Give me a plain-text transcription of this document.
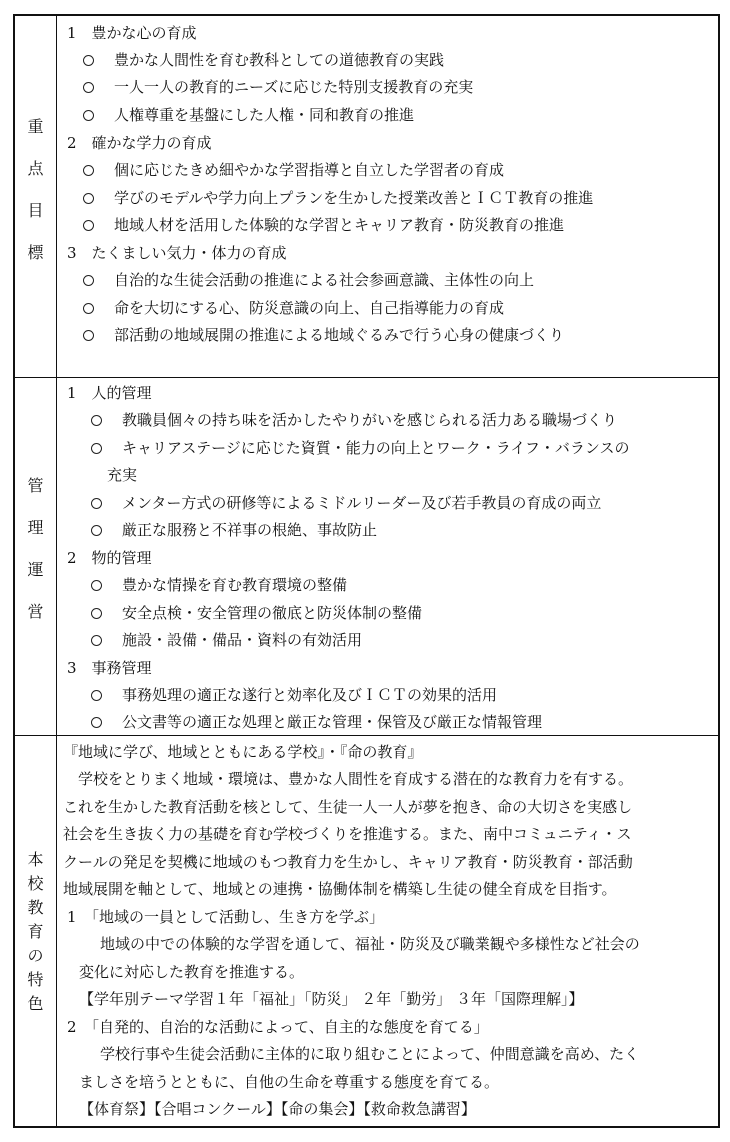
重
点
目
標
1　豊かな心の育成
豊かな人間性を育む教科としての道徳教育の実践
一人一人の教育的ニーズに応じた特別支援教育の充実
人権尊重を基盤にした人権・同和教育の推進
2　確かな学力の育成
個に応じたきめ細やかな学習指導と自立した学習者の育成
学びのモデルや学力向上プランを生かした授業改善とＩＣＴ教育の推進
地域人材を活用した体験的な学習とキャリア教育・防災教育の推進
3　たくましい気力・体力の育成
自治的な生徒会活動の推進による社会参画意識、主体性の向上
命を大切にする心、防災意識の向上、自己指導能力の育成
部活動の地域展開の推進による地域ぐるみで行う心身の健康づくり
管
理
運
営
1　人的管理
教職員個々の持ち味を活かしたやりがいを感じられる活力ある職場づくり
キャリアステージに応じた資質・能力の向上とワーク・ライフ・バランスの
充実
メンター方式の研修等によるミドルリーダー及び若手教員の育成の両立
厳正な服務と不祥事の根絶、事故防止
2　物的管理
豊かな情操を育む教育環境の整備
安全点検・安全管理の徹底と防災体制の整備
施設・設備・備品・資料の有効活用
3　事務管理
事務処理の適正な遂行と効率化及びＩＣＴの効果的活用
公文書等の適正な処理と厳正な管理・保管及び厳正な情報管理
本
校
教
育
の
特
色
『地域に学び、地域とともにある学校』・『命の教育』
　学校をとりまく地域・環境は、豊かな人間性を育成する潜在的な教育力を有する。
これを生かした教育活動を核として、生徒一人一人が夢を抱き、命の大切さを実感し
社会を生き抜く力の基礎を育む学校づくりを推進する。また、南中コミュニティ・ス
クールの発足を契機に地域のもつ教育力を生かし、キャリア教育・防災教育・部活動
地域展開を軸として、地域との連携・協働体制を構築し生徒の健全育成を目指す。
1　「地域の一員として活動し、生き方を学ぶ」
　地域の中での体験的な学習を通して、福祉・防災及び職業観や多様性など社会の
変化に対応した教育を推進する。
【学年別テーマ学習１年「福祉」「防災」 ２年「勤労」 ３年「国際理解」】
2　「自発的、自治的な活動によって、自主的な態度を育てる」
　学校行事や生徒会活動に主体的に取り組むことによって、仲間意識を高め、たく
ましさを培うとともに、自他の生命を尊重する態度を育てる。
【体育祭】【合唱コンクール】【命の集会】【救命救急講習】
